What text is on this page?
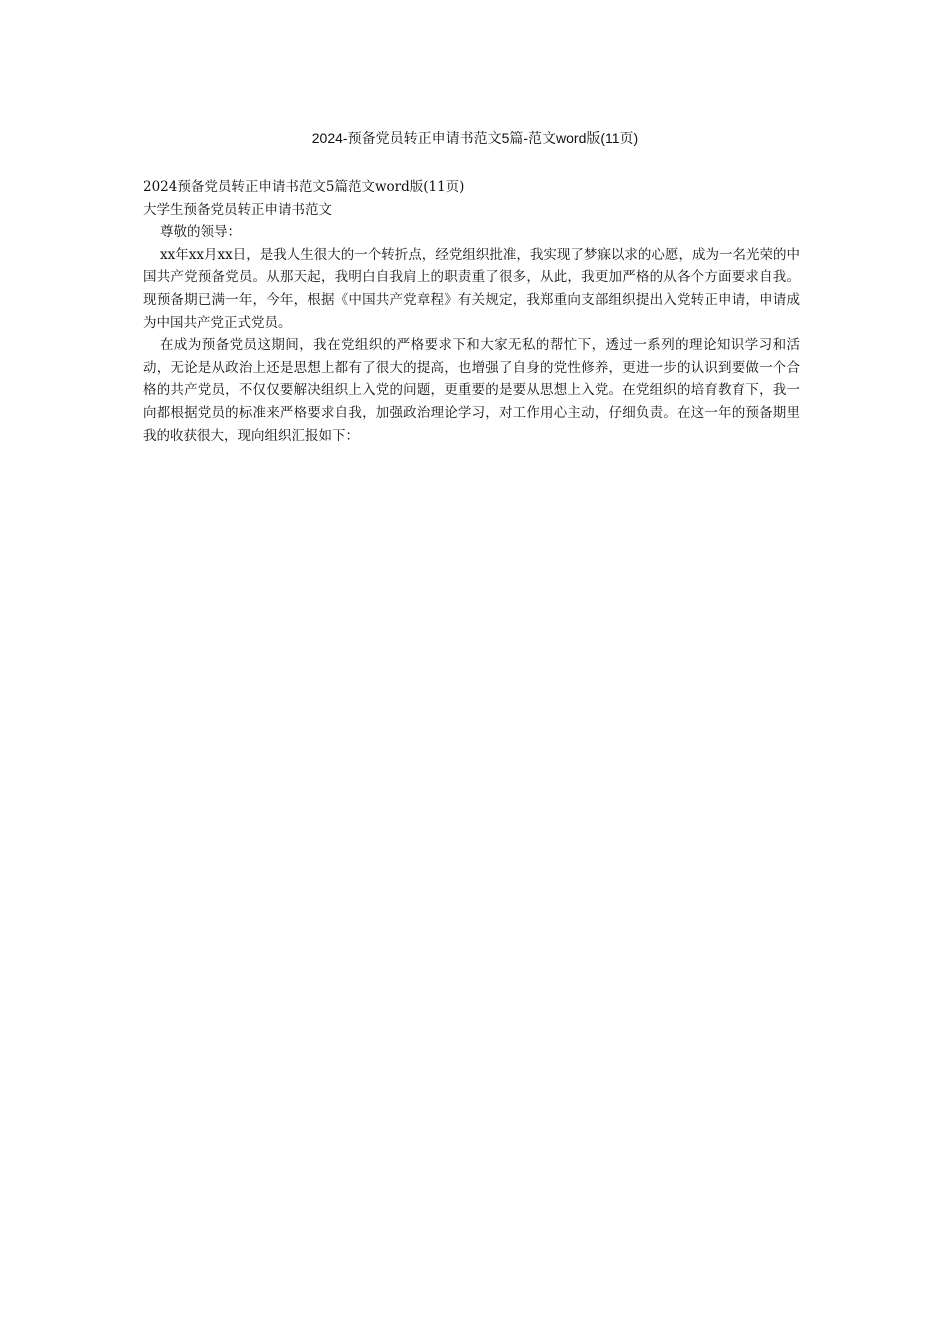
2024-预备党员转正申请书范文5篇-范文word版(11页)

2024预备党员转正申请书范文5篇范文word版(11页)

大学生预备党员转正申请书范文

尊敬的领导：

xx年xx月xx日，是我人生很大的一个转折点，经党组织批准，我实现了梦寐以求的心愿，成为一名光荣的中国共产党预备党员。从那天起，我明白自我肩上的职责重了很多，从此，我更加严格的从各个方面要求自我。现预备期已满一年，今年，根据《中国共产党章程》有关规定，我郑重向支部组织提出入党转正申请，申请成为中国共产党正式党员。

在成为预备党员这期间，我在党组织的严格要求下和大家无私的帮忙下，透过一系列的理论知识学习和活动，无论是从政治上还是思想上都有了很大的提高，也增强了自身的党性修养，更进一步的认识到要做一个合格的共产党员，不仅仅要解决组织上入党的问题，更重要的是要从思想上入党。在党组织的培育教育下，我一向都根据党员的标准来严格要求自我，加强政治理论学习，对工作用心主动，仔细负责。在这一年的预备期里我的收获很大，现向组织汇报如下：
